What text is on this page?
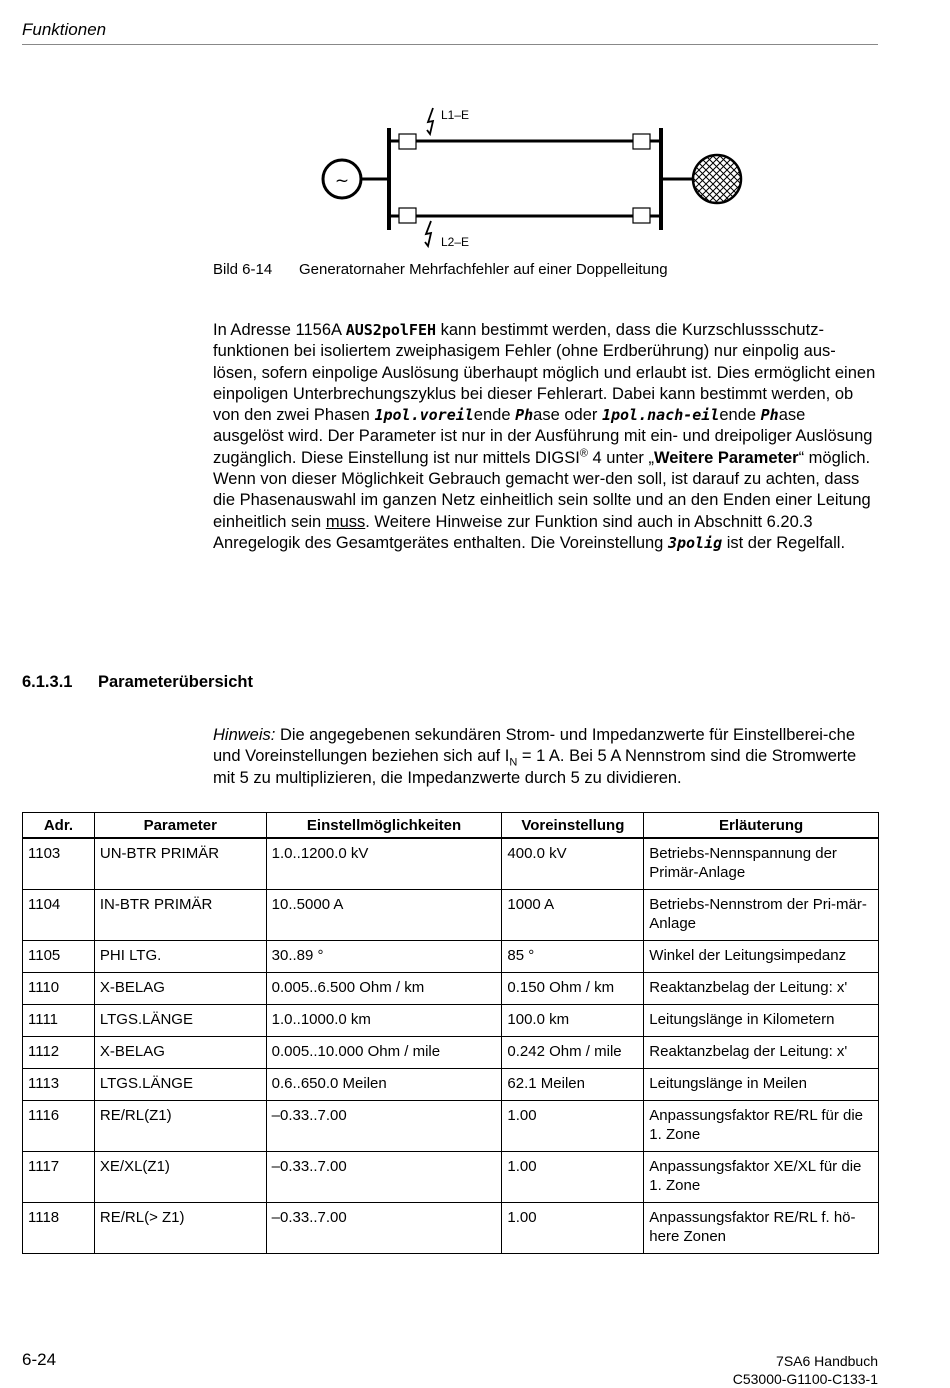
Funktionen
~
L1–E
L2–E
Bild 6-14 Generatornaher Mehrfachfehler auf einer Doppelleitung

In Adresse 1156A AUS2polFEH kann bestimmt werden, dass die Kurzschlussschutz-funktionen bei isoliertem zweiphasigem Fehler (ohne Erdberührung) nur einpolig aus-lösen, sofern einpolige Auslösung überhaupt möglich und erlaubt ist. Dies ermöglicht einen einpoligen Unterbrechungszyklus bei dieser Fehlerart. Dabei kann bestimmt werden, ob von den zwei Phasen 1pol.voreilende Phase oder 1pol.nach-eilende Phase ausgelöst wird. Der Parameter ist nur in der Ausführung mit ein- und dreipoliger Auslösung zugänglich. Diese Einstellung ist nur mittels DIGSI® 4 unter „Weitere Parameter“ möglich. Wenn von dieser Möglichkeit Gebrauch gemacht wer-den soll, ist darauf zu achten, dass die Phasenauswahl im ganzen Netz einheitlich sein sollte und an den Enden einer Leitung einheitlich sein muss. Weitere Hinweise zur Funktion sind auch in Abschnitt 6.20.3 Anregelogik des Gesamtgerätes enthalten. Die Voreinstellung 3polig ist der Regelfall.

6.1.3.1 Parameterübersicht
Hinweis: Die angegebenen sekundären Strom- und Impedanzwerte für Einstellberei-che und Voreinstellungen beziehen sich auf $I_N = 1$ A. Bei 5 A Nennstrom sind die Stromwerte mit 5 zu multiplizieren, die Impedanzwerte durch 5 zu dividieren.
Adr.	Parameter	Einstellmöglichkeiten	Voreinstellung	Erläuterung
1103	UN-BTR PRIMÄR	1.0..1200.0 kV	400.0 kV	Betriebs-Nennspannung der Primär-Anlage
1104	IN-BTR PRIMÄR	10..5000 A	1000 A	Betriebs-Nennstrom der Pri-mär-Anlage
1105	PHI LTG.	30..89 °	85 °	Winkel der Leitungsimpedanz
1110	X-BELAG	0.005..6.500 Ohm / km	0.150 Ohm / km	Reaktanzbelag der Leitung: x'
1111	LTGS.LÄNGE	1.0..1000.0 km	100.0 km	Leitungslänge in Kilometern
1112	X-BELAG	0.005..10.000 Ohm / mile	0.242 Ohm / mile	Reaktanzbelag der Leitung: x'
1113	LTGS.LÄNGE	0.6..650.0 Meilen	62.1 Meilen	Leitungslänge in Meilen
1116	RE/RL(Z1)	–0.33..7.00	1.00	Anpassungsfaktor RE/RL für die 1. Zone
1117	XE/XL(Z1)	–0.33..7.00	1.00	Anpassungsfaktor XE/XL für die 1. Zone
1118	RE/RL(> Z1)	–0.33..7.00	1.00	Anpassungsfaktor RE/RL f. hö-here Zonen
6-24	7SA6 Handbuch
C53000-G1100-C133-1
